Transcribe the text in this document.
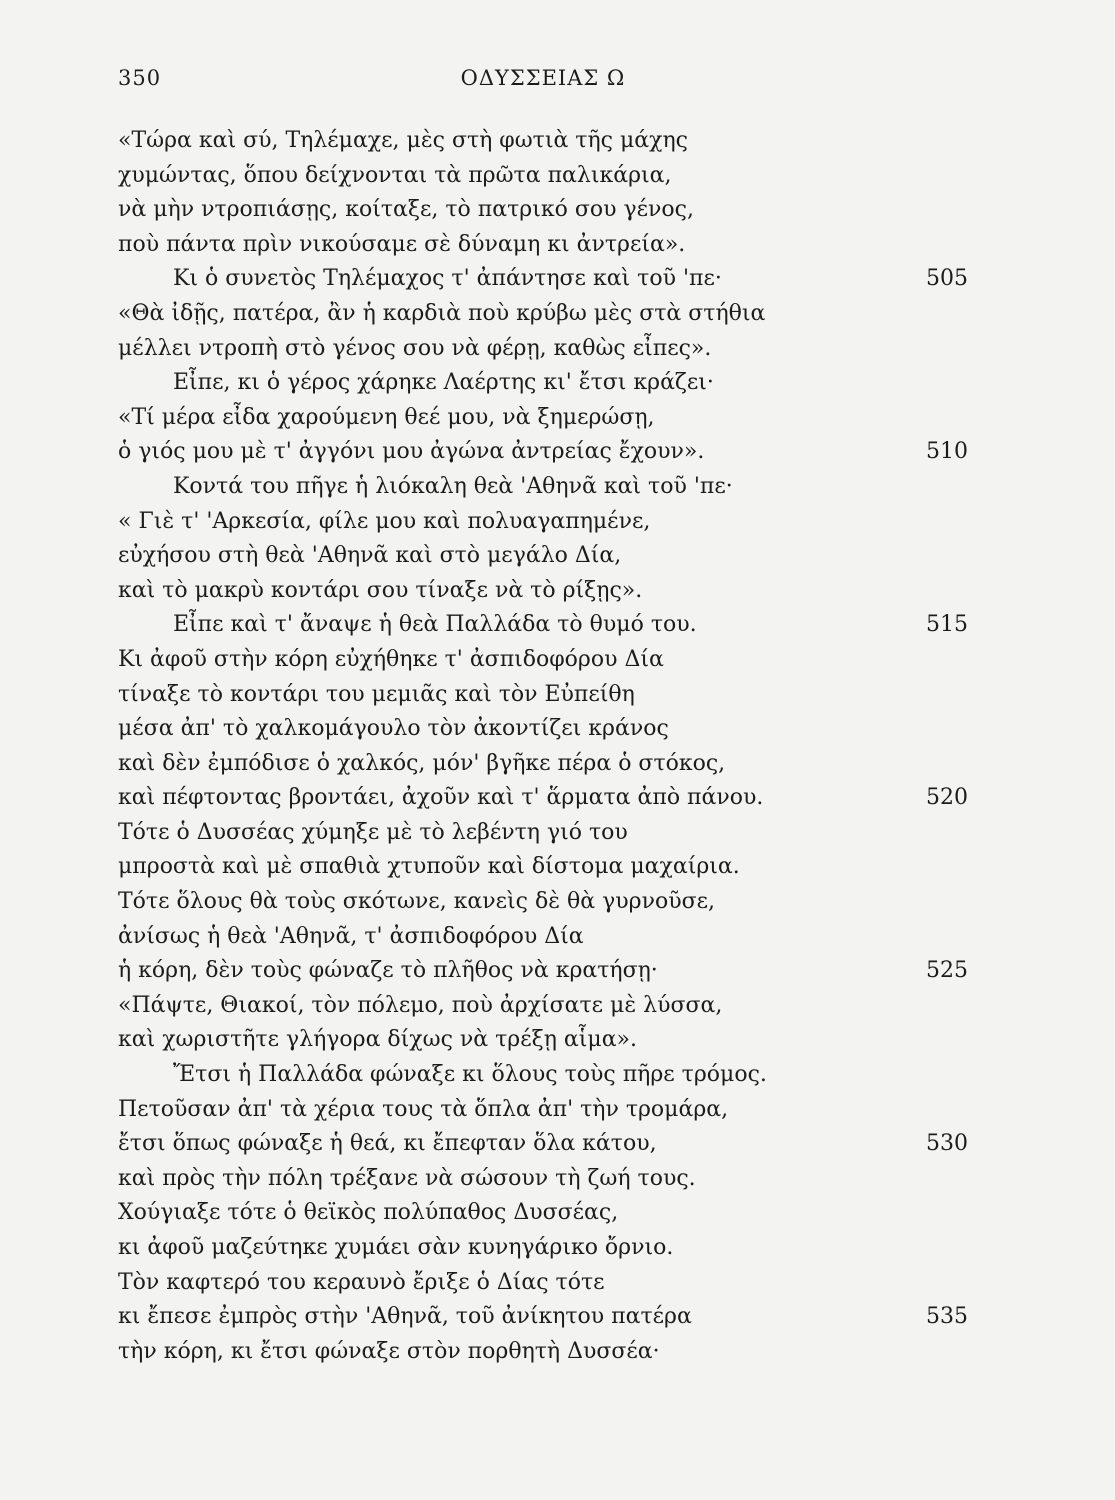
350	ΟΔΥΣΣΕΙΑΣ Ω
«Τώρα καὶ σύ, Τηλέμαχε, μὲς στὴ φωτιὰ τῆς μάχης
χυμώντας, ὅπου δείχνονται τὰ πρῶτα παλικάρια,
νὰ μὴν ντροπιάσῃς, κοίταξε, τὸ πατρικό σου γένος,
ποὺ πάντα πρὶν νικούσαμε σὲ δύναμη κι ἀντρεία».
Κι ὁ συνετὸς Τηλέμαχος τ' ἀπάντησε καὶ τοῦ 'πε·	505
«Θὰ ἰδῇς, πατέρα, ἂν ἡ καρδιὰ ποὺ κρύβω μὲς στὰ στήθια
μέλλει ντροπὴ στὸ γένος σου νὰ φέρῃ, καθὼς εἶπες».
Εἶπε, κι ὁ γέρος χάρηκε Λαέρτης κι' ἔτσι κράζει·
«Τί μέρα εἶδα χαρούμενη θεέ μου, νὰ ξημερώσῃ,
ὁ γιός μου μὲ τ' ἀγγόνι μου ἀγώνα ἀντρείας ἔχουν».	510
Κοντά του πῆγε ἡ λιόκαλη θεὰ 'Αθηνᾶ καὶ τοῦ 'πε·
« Γιὲ τ' 'Αρκεσία, φίλε μου καὶ πολυαγαπημένε,
εὐχήσου στὴ θεὰ 'Αθηνᾶ καὶ στὸ μεγάλο Δία,
καὶ τὸ μακρὺ κοντάρι σου τίναξε νὰ τὸ ρίξῃς».
Εἶπε καὶ τ' ἄναψε ἡ θεὰ Παλλάδα τὸ θυμό του.	515
Κι ἀφοῦ στὴν κόρη εὐχήθηκε τ' ἀσπιδοφόρου Δία
τίναξε τὸ κοντάρι του μεμιᾶς καὶ τὸν Εὐπείθη
μέσα ἀπ' τὸ χαλκομάγουλο τὸν ἀκοντίζει κράνος
καὶ δὲν ἐμπόδισε ὁ χαλκός, μόν' βγῆκε πέρα ὁ στόκος,
καὶ πέφτοντας βροντάει, ἀχοῦν καὶ τ' ἅρματα ἀπὸ πάνου.	520
Τότε ὁ Δυσσέας χύμηξε μὲ τὸ λεβέντη γιό του
μπροστὰ καὶ μὲ σπαθιὰ χτυποῦν καὶ δίστομα μαχαίρια.
Τότε ὅλους θὰ τοὺς σκότωνε, κανεὶς δὲ θὰ γυρνοῦσε,
ἀνίσως ἡ θεὰ 'Αθηνᾶ, τ' ἀσπιδοφόρου Δία
ἡ κόρη, δὲν τοὺς φώναζε τὸ πλῆθος νὰ κρατήσῃ·	525
«Πάψτε, Θιακοί, τὸν πόλεμο, ποὺ ἀρχίσατε μὲ λύσσα,
καὶ χωριστῆτε γλήγορα δίχως νὰ τρέξῃ αἷμα».
Ἔτσι ἡ Παλλάδα φώναξε κι ὅλους τοὺς πῆρε τρόμος.
Πετοῦσαν ἀπ' τὰ χέρια τους τὰ ὅπλα ἀπ' τὴν τρομάρα,
ἔτσι ὅπως φώναξε ἡ θεά, κι ἔπεφταν ὅλα κάτου,	530
καὶ πρὸς τὴν πόλη τρέξανε νὰ σώσουν τὴ ζωή τους.
Χούγιαξε τότε ὁ θεϊκὸς πολύπαθος Δυσσέας,
κι ἀφοῦ μαζεύτηκε χυμάει σὰν κυνηγάρικο ὄρνιο.
Τὸν καφτερό του κεραυνὸ ἔριξε ὁ Δίας τότε
κι ἔπεσε ἐμπρὸς στὴν 'Αθηνᾶ, τοῦ ἀνίκητου πατέρα	535
τὴν κόρη, κι ἔτσι φώναξε στὸν πορθητὴ Δυσσέα·
